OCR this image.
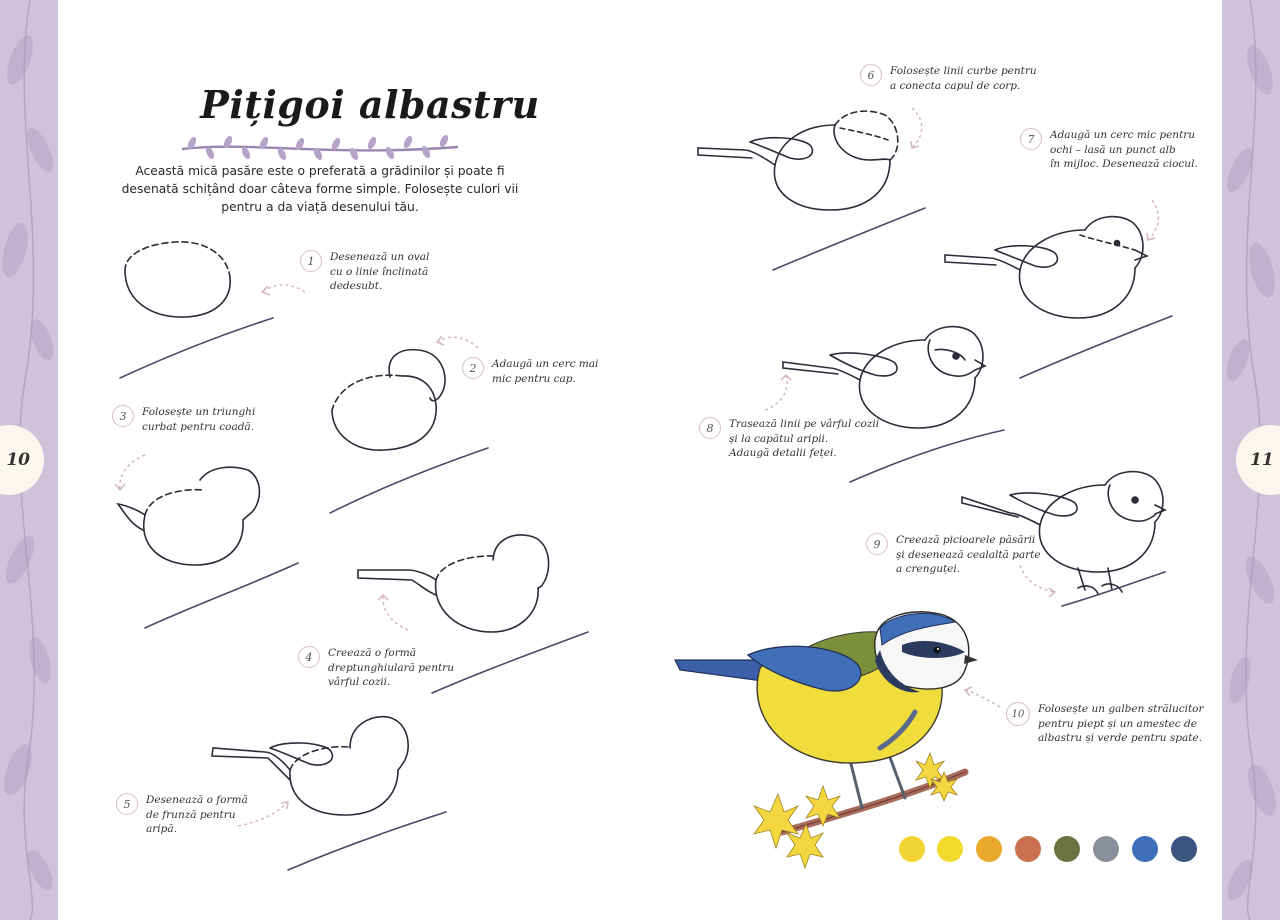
10	11
Pițigoi albastru
Această mică pasăre este o preferată a grădinilor și poate fi desenată schițând doar câteva forme simple. Folosește culori vii pentru a da viață desenului tău.
1	Desenează un oval
cu o linie înclinată
dedesubt.
2	Adaugă un cerc mai
mic pentru cap.
3	Folosește un triunghi
curbat pentru coadă.
4	Creează o formă
dreptunghiulară pentru
vârful cozii.
5	Desenează o formă
de frunză pentru
aripă.
6	Folosește linii curbe pentru
a conecta capul de corp.
7	Adaugă un cerc mic pentru
ochi – lasă un punct alb
în mijloc. Desenează ciocul.
8	Trasează linii pe vârful cozii
și la capătul aripii.
Adaugă detalii feței.
9	Creează picioarele păsării
și desenează cealaltă parte
a crenguței.
10	Folosește un galben strălucitor
pentru piept și un amestec de
albastru și verde pentru spate.
